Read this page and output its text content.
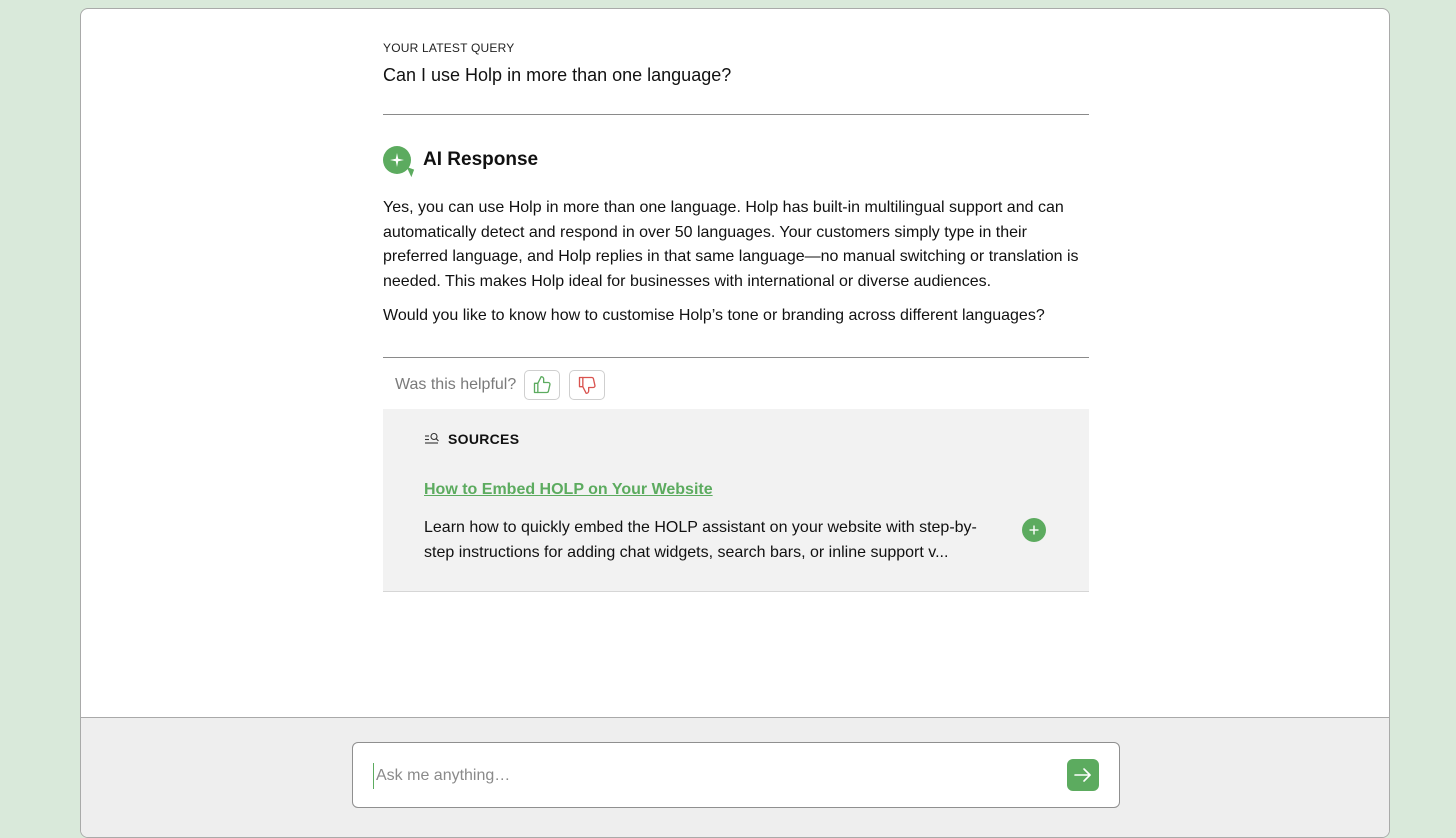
YOUR LATEST QUERY
Can I use Holp in more than one language?
AI Response

Yes, you can use Holp in more than one language. Holp has built-in multilingual support and can automatically detect and respond in over 50 languages. Your customers simply type in their preferred language, and Holp replies in that same language—no manual switching or translation is needed. This makes Holp ideal for businesses with international or diverse audiences.

Would you like to know how to customise Holp’s tone or branding across different languages?

Was this helpful?
SOURCES
How to Embed HOLP on Your Website
Learn how to quickly embed the HOLP assistant on your website with step-by-step instructions for adding chat widgets, search bars, or inline support v...
Ask me anything…
